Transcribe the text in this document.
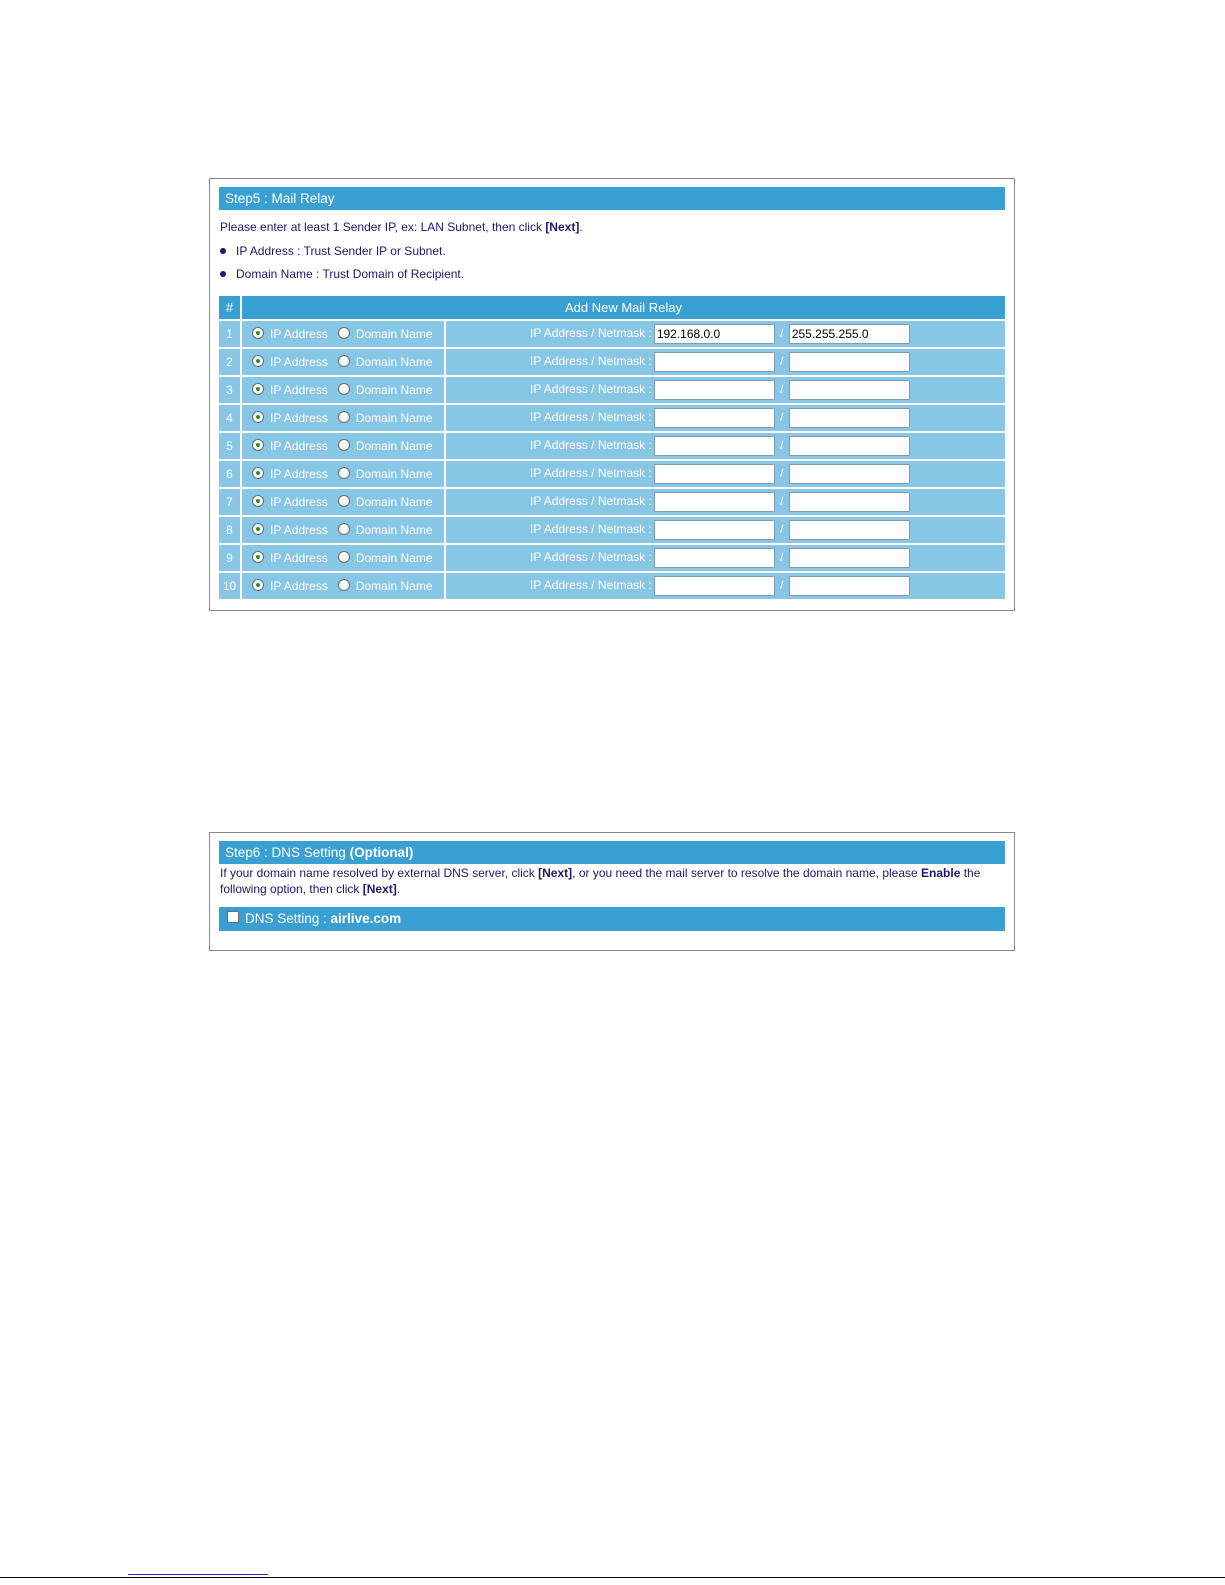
Step5 : Mail Relay
Please enter at least 1 Sender IP, ex: LAN Subnet, then click [Next].
IP Address : Trust Sender IP or Subnet.
Domain Name : Trust Domain of Recipient.
#	Add New Mail Relay	
1	IP Address Domain Name	IP Address / Netmask : 192.168.0.0 / 255.255.255.0
2	IP Address Domain Name	IP Address / Netmask : /
3	IP Address Domain Name	IP Address / Netmask : /
4	IP Address Domain Name	IP Address / Netmask : /
5	IP Address Domain Name	IP Address / Netmask : /
6	IP Address Domain Name	IP Address / Netmask : /
7	IP Address Domain Name	IP Address / Netmask : /
8	IP Address Domain Name	IP Address / Netmask : /
9	IP Address Domain Name	IP Address / Netmask : /
10	IP Address Domain Name	IP Address / Netmask : /
Step6 : DNS Setting (Optional)
If your domain name resolved by external DNS server, click [Next], or you need the mail server to resolve the domain name, please Enable the following option, then click [Next].
DNS Setting : airlive.com
